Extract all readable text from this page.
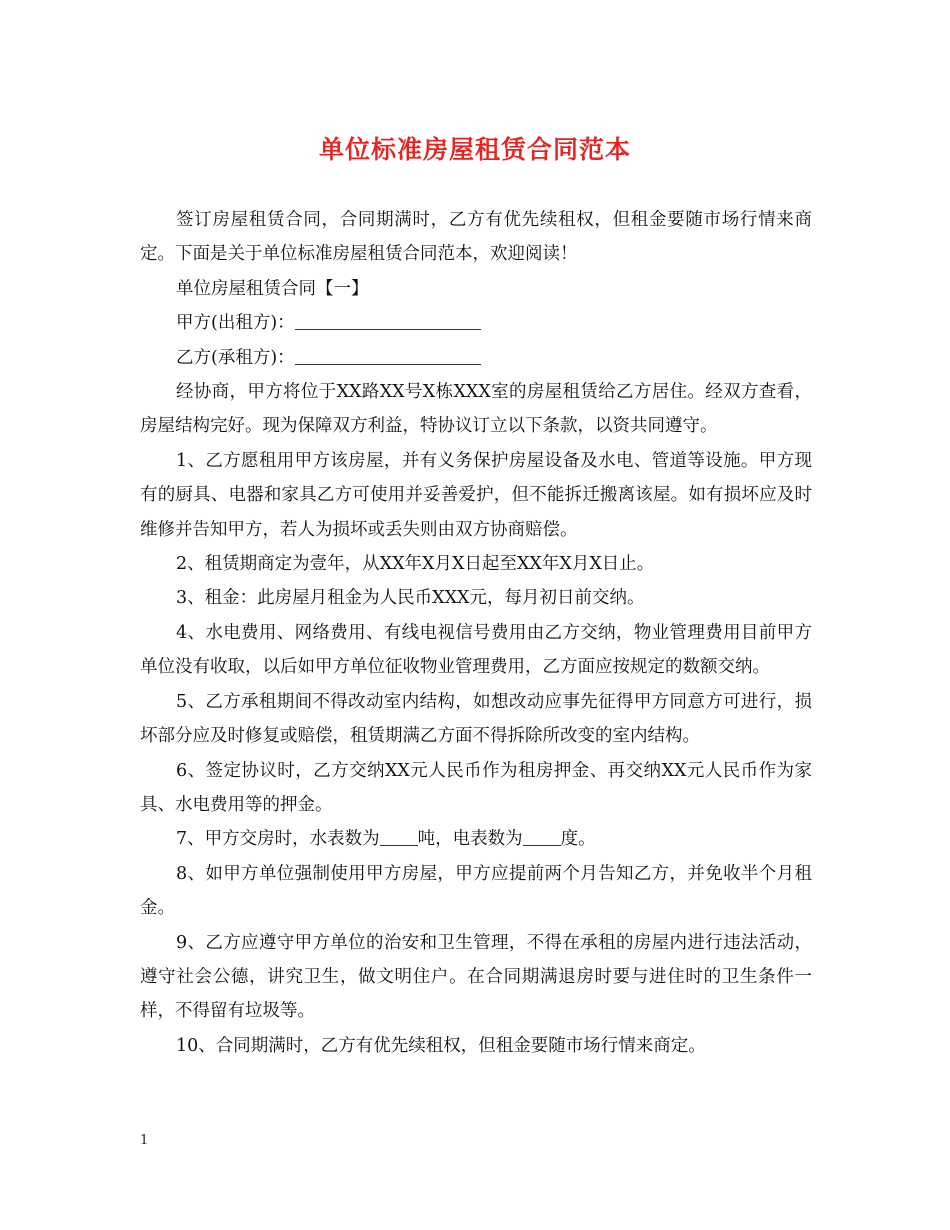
单位标准房屋租赁合同范本

签订房屋租赁合同，合同期满时，乙方有优先续租权，但租金要随市场行情来商定。下面是关于单位标准房屋租赁合同范本，欢迎阅读！

单位房屋租赁合同【一】

甲方(出租方)：

乙方(承租方)：

经协商，甲方将位于XX路XX号X栋XXX室的房屋租赁给乙方居住。经双方查看，房屋结构完好。现为保障双方利益，特协议订立以下条款，以资共同遵守。

1、乙方愿租用甲方该房屋，并有义务保护房屋设备及水电、管道等设施。甲方现有的厨具、电器和家具乙方可使用并妥善爱护，但不能拆迁搬离该屋。如有损坏应及时维修并告知甲方，若人为损坏或丢失则由双方协商赔偿。

2、租赁期商定为壹年，从XX年X月X日起至XX年X月X日止。

3、租金：此房屋月租金为人民币XXX元，每月初日前交纳。

4、水电费用、网络费用、有线电视信号费用由乙方交纳，物业管理费用目前甲方单位没有收取，以后如甲方单位征收物业管理费用，乙方面应按规定的数额交纳。

5、乙方承租期间不得改动室内结构，如想改动应事先征得甲方同意方可进行，损坏部分应及时修复或赔偿，租赁期满乙方面不得拆除所改变的室内结构。

6、签定协议时，乙方交纳XX元人民币作为租房押金、再交纳XX元人民币作为家具、水电费用等的押金。

7、甲方交房时，水表数为 吨，电表数为 度。

8、如甲方单位强制使用甲方房屋，甲方应提前两个月告知乙方，并免收半个月租金。

9、乙方应遵守甲方单位的治安和卫生管理，不得在承租的房屋内进行违法活动，遵守社会公德，讲究卫生，做文明住户。在合同期满退房时要与进住时的卫生条件一样，不得留有垃圾等。

10、合同期满时，乙方有优先续租权，但租金要随市场行情来商定。

1
